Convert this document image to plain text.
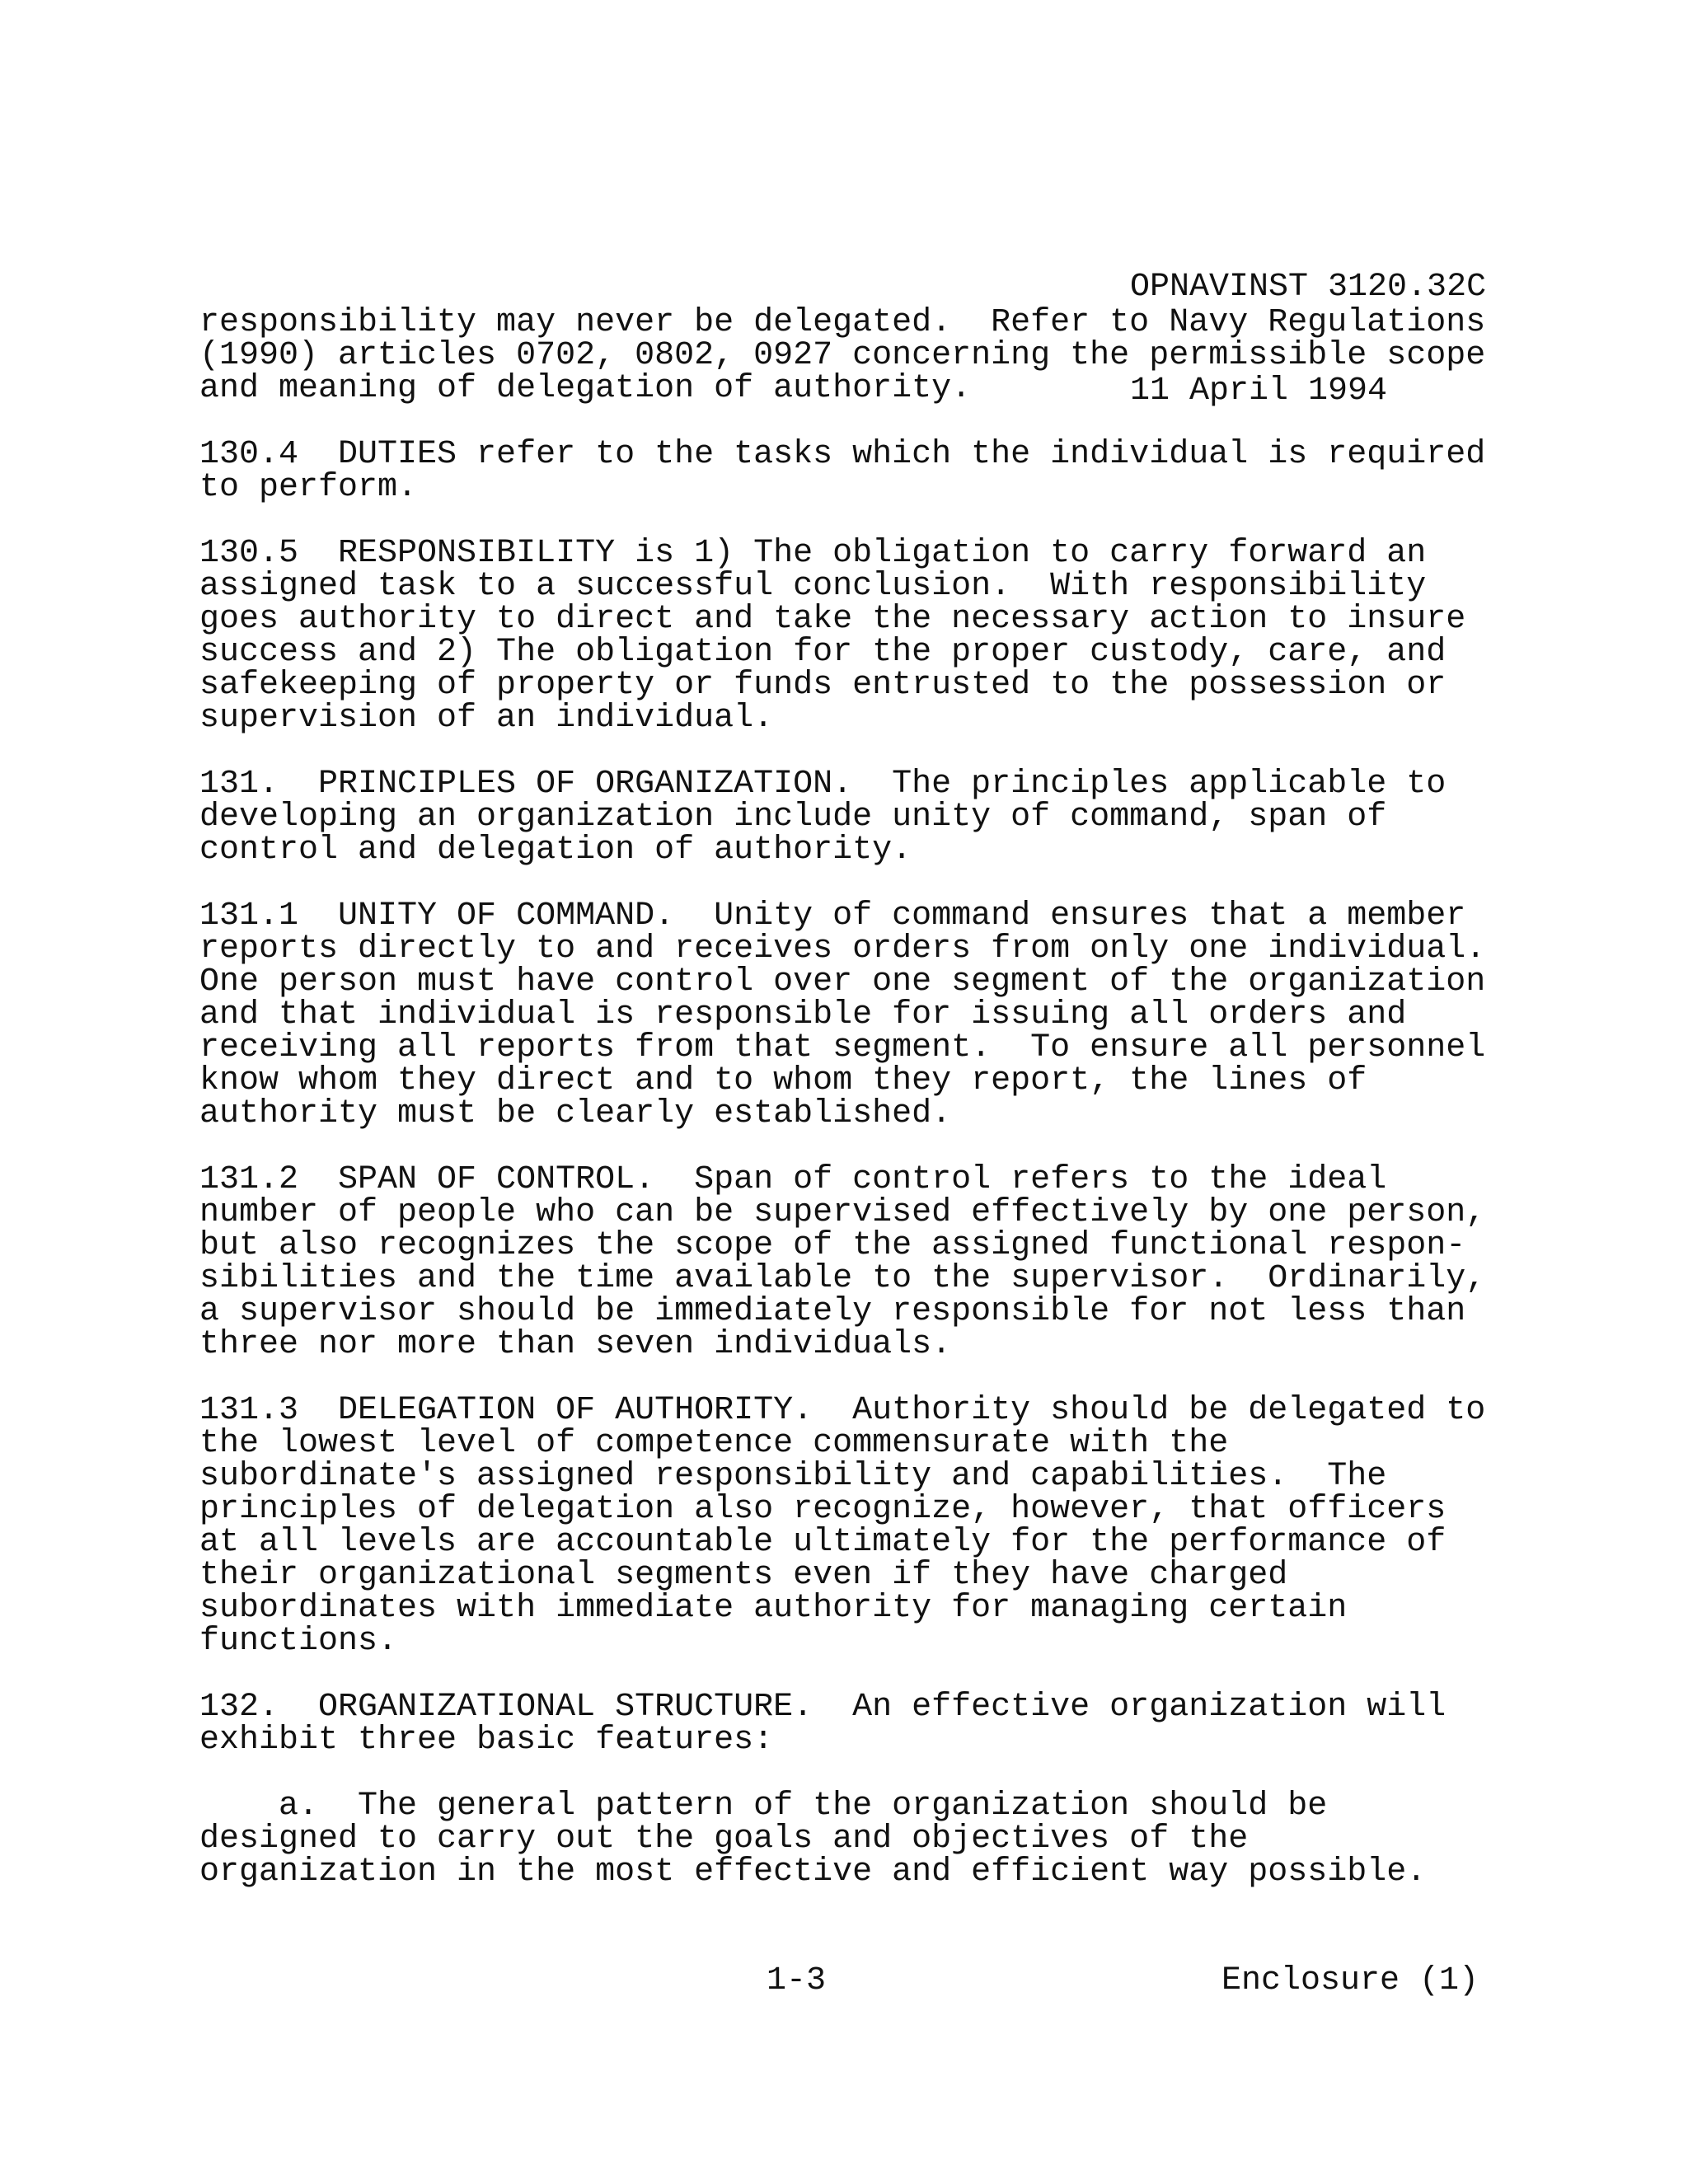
OPNAVINST 3120.32C

11 April 1994

responsibility may never be delegated.  Refer to Navy Regulations
(1990) articles 0702, 0802, 0927 concerning the permissible scope
and meaning of delegation of authority.

130.4  DUTIES refer to the tasks which the individual is required
to perform.

130.5  RESPONSIBILITY is 1) The obligation to carry forward an
assigned task to a successful conclusion.  With responsibility
goes authority to direct and take the necessary action to insure
success and 2) The obligation for the proper custody, care, and
safekeeping of property or funds entrusted to the possession or
supervision of an individual.

131.  PRINCIPLES OF ORGANIZATION.  The principles applicable to
developing an organization include unity of command, span of
control and delegation of authority.

131.1  UNITY OF COMMAND.  Unity of command ensures that a member
reports directly to and receives orders from only one individual.
One person must have control over one segment of the organization
and that individual is responsible for issuing all orders and
receiving all reports from that segment.  To ensure all personnel
know whom they direct and to whom they report, the lines of
authority must be clearly established.

131.2  SPAN OF CONTROL.  Span of control refers to the ideal
number of people who can be supervised effectively by one person,
but also recognizes the scope of the assigned functional respon-
sibilities and the time available to the supervisor.  Ordinarily,
a supervisor should be immediately responsible for not less than
three nor more than seven individuals.

131.3  DELEGATION OF AUTHORITY.  Authority should be delegated to
the lowest level of competence commensurate with the
subordinate's assigned responsibility and capabilities.  The
principles of delegation also recognize, however, that officers
at all levels are accountable ultimately for the performance of
their organizational segments even if they have charged
subordinates with immediate authority for managing certain
functions.

132.  ORGANIZATIONAL STRUCTURE.  An effective organization will
exhibit three basic features:

a.  The general pattern of the organization should be
designed to carry out the goals and objectives of the
organization in the most effective and efficient way possible.

1-3	Enclosure (1)
